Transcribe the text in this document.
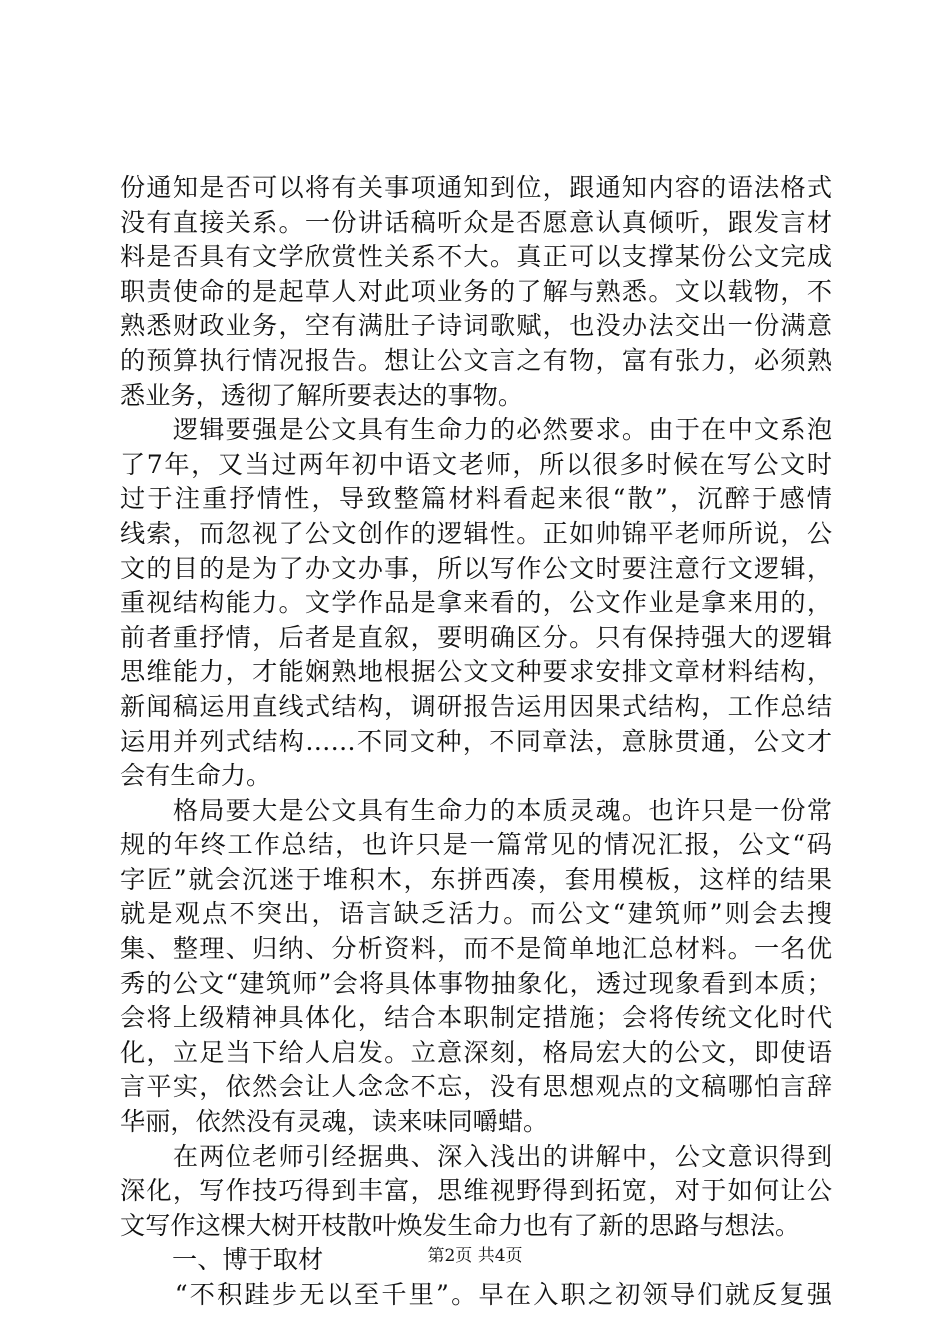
份通知是否可以将有关事项通知到位，跟通知内容的语法格式
没有直接关系。一份讲话稿听众是否愿意认真倾听，跟发言材
料是否具有文学欣赏性关系不大。真正可以支撑某份公文完成
职责使命的是起草人对此项业务的了解与熟悉。文以载物，不
熟悉财政业务，空有满肚子诗词歌赋，也没办法交出一份满意
的预算执行情况报告。想让公文言之有物，富有张力，必须熟
悉业务，透彻了解所要表达的事物。
　　逻辑要强是公文具有生命力的必然要求。由于在中文系泡
了7年，又当过两年初中语文老师，所以很多时候在写公文时
过于注重抒情性，导致整篇材料看起来很“散”，沉醉于感情
线索，而忽视了公文创作的逻辑性。正如帅锦平老师所说，公
文的目的是为了办文办事，所以写作公文时要注意行文逻辑，
重视结构能力。文学作品是拿来看的，公文作业是拿来用的，
前者重抒情，后者是直叙，要明确区分。只有保持强大的逻辑
思维能力，才能娴熟地根据公文文种要求安排文章材料结构，
新闻稿运用直线式结构，调研报告运用因果式结构，工作总结
运用并列式结构……不同文种，不同章法，意脉贯通，公文才
会有生命力。
　　格局要大是公文具有生命力的本质灵魂。也许只是一份常
规的年终工作总结，也许只是一篇常见的情况汇报，公文“码
字匠”就会沉迷于堆积木，东拼西凑，套用模板，这样的结果
就是观点不突出，语言缺乏活力。而公文“建筑师”则会去搜
集、整理、归纳、分析资料，而不是简单地汇总材料。一名优
秀的公文“建筑师”会将具体事物抽象化，透过现象看到本质；
会将上级精神具体化，结合本职制定措施；会将传统文化时代
化，立足当下给人启发。立意深刻，格局宏大的公文，即使语
言平实，依然会让人念念不忘，没有思想观点的文稿哪怕言辞
华丽，依然没有灵魂，读来味同嚼蜡。
　　在两位老师引经据典、深入浅出的讲解中，公文意识得到
深化，写作技巧得到丰富，思维视野得到拓宽，对于如何让公
文写作这棵大树开枝散叶焕发生命力也有了新的思路与想法。
一、博于取材
　　“不积跬步无以至千里”。早在入职之初领导们就反复强
第2页 共4页
